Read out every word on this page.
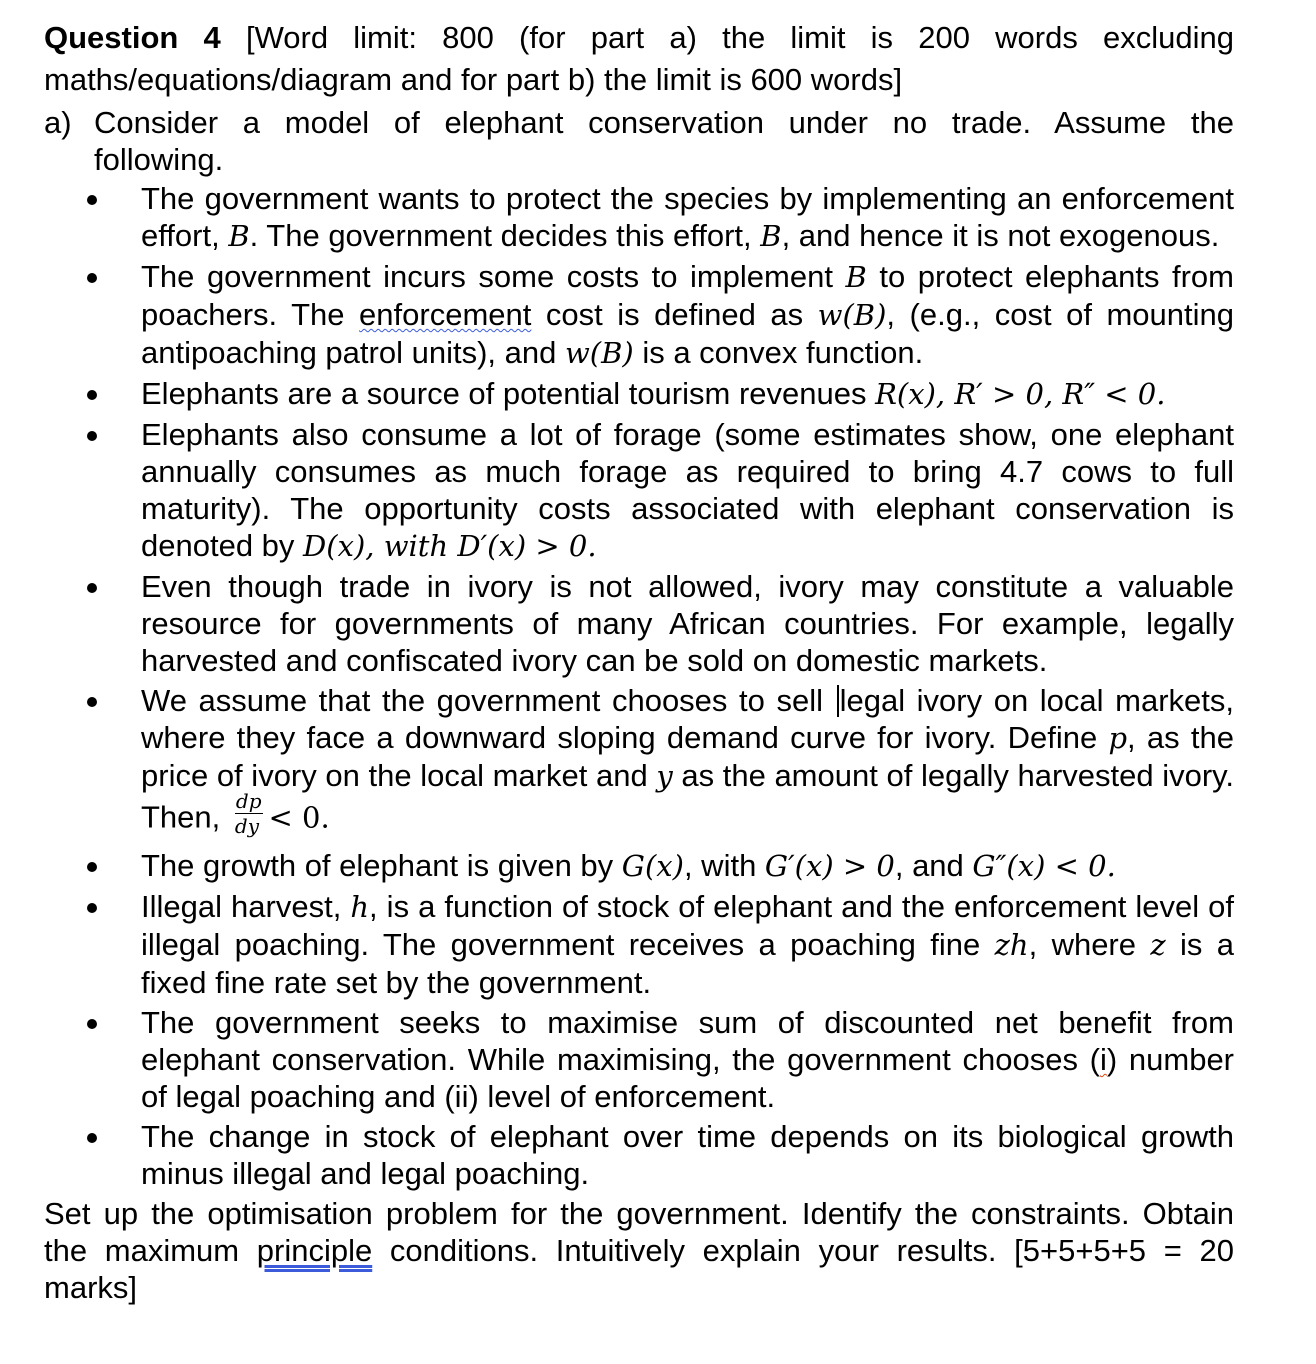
Question 4 [Word limit: 800 (for part a) the limit is 200 words excluding
maths/equations/diagram and for part b) the limit is 600 words]
a) Consider a model of elephant conservation under no trade. Assume the
following.
The government wants to protect the species by implementing an enforcement effort, B. The government decides this effort, B, and hence it is not exogenous.
The government incurs some costs to implement B to protect elephants from poachers. The enforcement cost is defined as w(B), (e.g., cost of mounting antipoaching patrol units), and w(B) is a convex function.
Elephants are a source of potential tourism revenues R(x), R′ > 0, R″ < 0.
Elephants also consume a lot of forage (some estimates show, one elephant annually consumes as much forage as required to bring 4.7 cows to full maturity). The opportunity costs associated with elephant conservation is denoted by D(x), with D′(x) > 0.
Even though trade in ivory is not allowed, ivory may constitute a valuable resource for governments of many African countries. For example, legally harvested and confiscated ivory can be sold on domestic markets.
We assume that the government chooses to sell legal ivory on local markets, where they face a downward sloping demand curve for ivory. Define p, as the price of ivory on the local market and y as the amount of legally harvested ivory. Then, $\frac{dp}{dy} < 0$.
The growth of elephant is given by G(x), with G′(x) > 0, and G″(x) < 0.
Illegal harvest, h, is a function of stock of elephant and the enforcement level of illegal poaching. The government receives a poaching fine zh, where z is a fixed fine rate set by the government.
The government seeks to maximise sum of discounted net benefit from elephant conservation. While maximising, the government chooses (i) number of legal poaching and (ii) level of enforcement.
The change in stock of elephant over time depends on its biological growth minus illegal and legal poaching.
Set up the optimisation problem for the government. Identify the constraints. Obtain the maximum principle conditions. Intuitively explain your results. [5+5+5+5 = 20 marks]
